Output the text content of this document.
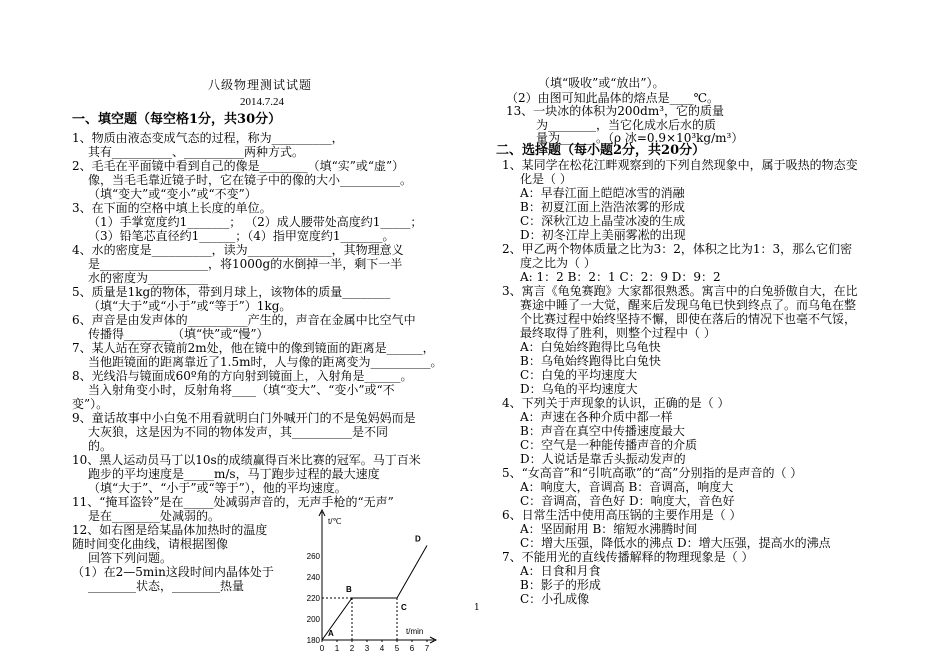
八级物理测试试题
2014.7.24
一、填空题（每空格1分，共30分）
1、物质由液态变成气态的过程，称为__________，
其有__________、__________两种方式。
2、毛毛在平面镜中看到自己的像是________（填“实”或“虚”）
像，当毛毛靠近镜子时，它在镜子中的像的大小__________。
（填“变大”或“变小”或“不变”）
3、在下面的空格中填上长度的单位。
（1）手掌宽度约1_______； （2）成人腰带处高度约1_____；
（3）铅笔芯直径约1______；（4）指甲宽度约1_______。
4、水的密度是__________，读为______________，其物理意义
是__________________，将1000g的水倒掉一半，剩下一半
水的密度为__________
5、质量是1kg的物体，带到月球上，该物体的质量________
（填“大于”或“小于”或“等于”）1kg。
6、声音是由发声体的__________产生的，声音在金属中比空气中
传播得________（填“快”或“慢”）
7、某人站在穿衣镜前2m处，他在镜中的像到镜面的距离是______，
当他距镜面的距离靠近了1.5m时，人与像的距离变为__________。
8、光线沿与镜面成60º角的方向射到镜面上，入射角是______。
当入射角变小时，反射角将____（填“变大”、“变小”或“不
变”）。
9、童话故事中小白兔不用看就明白门外喊开门的不是兔妈妈而是
大灰狼，这是因为不同的物体发声，其__________是不同
的。
10、黑人运动员马丁以10s的成绩赢得百米比赛的冠军。马丁百米
跑步的平均速度是_____m/s，马丁跑步过程的最大速度
（填“大于”、“小于”或“等于”），他的平均速度。
11、“掩耳盗铃”是在_____处减弱声音的，无声手枪的“无声”
是在________处减弱的。
12、如右图是给某晶体加热时的温度
随时间变化曲线，请根据图像
回答下列问题。
（1）在2—5min这段时间内晶体处于
________状态，________热量
（填“吸收”或“放出”）。
（2）由图可知此晶体的熔点是____℃。
13、一块冰的体积为200dm³，它的质量
为________，当它化成水后水的质
量为______。（ρ 冰=0.9×10³kg/m³）
二、选择题（每小题2分，共20分）
1、某同学在松花江畔观察到的下列自然现象中，属于吸热的物态变
化是（ ）
A：早春江面上皑皑冰雪的消融
B：初夏江面上浩浩浓雾的形成
C：深秋江边上晶莹冰凌的生成
D：初冬江岸上美丽雾凇的出现
2、甲乙两个物体质量之比为3：2，体积之比为1：3，那么它们密
度之比为（ ）
A: 1：2 B：2：1 C：2：9 D：9：2
3、寓言《龟兔赛跑》大家都很熟悉。寓言中的白兔骄傲自大，在比
赛途中睡了一大觉，醒来后发现乌龟已快到终点了。而乌龟在整
个比赛过程中始终坚持不懈，即使在落后的情况下也毫不气馁，
最终取得了胜利，则整个过程中（ ）
A：白兔始终跑得比乌龟快
B：乌龟始终跑得比白兔快
C：白兔的平均速度大
D：乌龟的平均速度大
4、下列关于声现象的认识，正确的是（ ）
A：声速在各种介质中都一样
B：声音在真空中传播速度最大
C：空气是一种能传播声音的介质
D：人说话是靠舌头振动发声的
5、“女高音”和“引吭高歌”的“高”分别指的是声音的（ ）
A：响度大，音调高 B：音调高，响度大
C：音调高，音色好 D：响度大，音色好
6、日常生活中使用高压锅的主要作用是（ ）
A：坚固耐用 B：缩短水沸腾时间
C：增大压强，降低水的沸点 D：增大压强，提高水的沸点
7、不能用光的直线传播解释的物理现象是（ ）
A：日食和月食
B：影子的形成
C：小孔成像
t/℃
t/min
180
200
220
240
260
0 1 2 3 4 5 6 7
A
B
C
D
1
